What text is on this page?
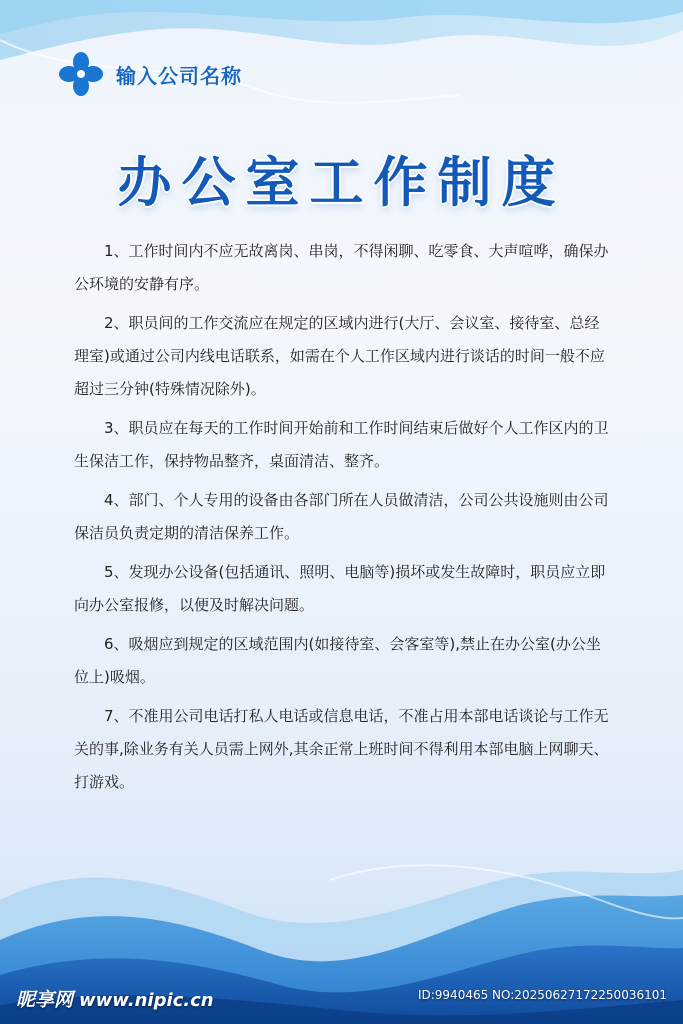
输入公司名称
办公室工作制度

1、工作时间内不应无故离岗、串岗，不得闲聊、吃零食、大声喧哗，确保办公环境的安静有序。

2、职员间的工作交流应在规定的区域内进行(大厅、会议室、接待室、总经理室)或通过公司内线电话联系，如需在个人工作区域内进行谈话的时间一般不应超过三分钟(特殊情况除外)。

3、职员应在每天的工作时间开始前和工作时间结束后做好个人工作区内的卫生保洁工作，保持物品整齐，桌面清洁、整齐。

4、部门、个人专用的设备由各部门所在人员做清洁，公司公共设施则由公司保洁员负责定期的清洁保养工作。

5、发现办公设备(包括通讯、照明、电脑等)损坏或发生故障时，职员应立即向办公室报修，以便及时解决问题。

6、吸烟应到规定的区域范围内(如接待室、会客室等),禁止在办公室(办公坐位上)吸烟。

7、不准用公司电话打私人电话或信息电话，不准占用本部电话谈论与工作无关的事,除业务有关人员需上网外,其余正常上班时间不得利用本部电脑上网聊天、打游戏。

昵享网 www.nipic.cn	ID:9940465 NO:20250627172250036101
